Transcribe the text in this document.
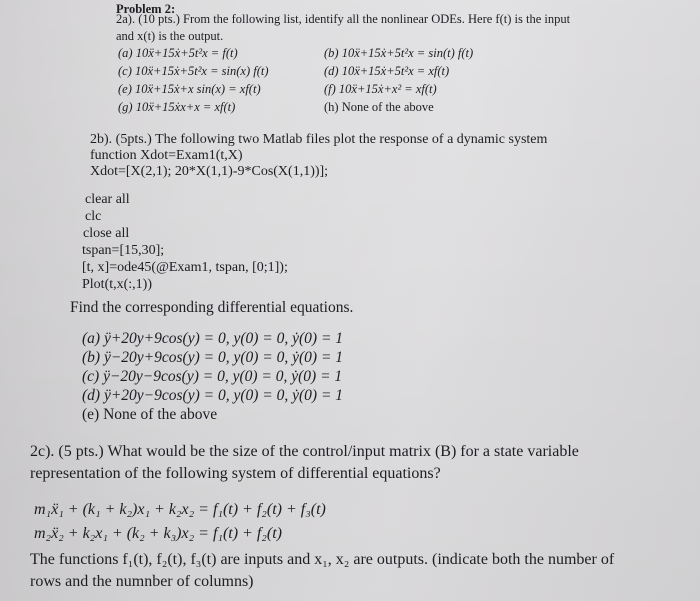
Problem 2:
2a). (10 pts.) From the following list, identify all the nonlinear ODEs. Here f(t) is the input
and x(t) is the output.
(a) 10ẍ+15ẋ+5t²x = f(t)	(b) 10ẍ+15ẋ+5t²x = sin(t) f(t)
(c) 10ẍ+15ẋ+5t²x = sin(x) f(t)	(d) 10ẍ+15ẋ+5t²x = xf(t)
(e) 10ẍ+15ẋ+x sin(x) = xf(t)	(f) 10ẍ+15ẋ+x² = xf(t)
(g) 10ẍ+15ẋx+x = xf(t)	(h) None of the above
2b). (5pts.) The following two Matlab files plot the response of a dynamic system
function Xdot=Exam1(t,X)
Xdot=[X(2,1); 20*X(1,1)-9*Cos(X(1,1))];
clear all
clc
close all
tspan=[15,30];
[t, x]=ode45(@Exam1, tspan, [0;1]);
Plot(t,x(:,1))
Find the corresponding differential equations.
(a) ÿ+20y+9cos(y) = 0, y(0) = 0, ẏ(0) = 1
(b) ÿ−20y+9cos(y) = 0, y(0) = 0, ẏ(0) = 1
(c) ÿ−20y−9cos(y) = 0, y(0) = 0, ẏ(0) = 1
(d) ÿ+20y−9cos(y) = 0, y(0) = 0, ẏ(0) = 1
(e) None of the above
2c). (5 pts.) What would be the size of the control/input matrix (B) for a state variable
representation of the following system of differential equations?
m₁ẍ₁ + (k₁ + k₂)x₁ + k₂x₂ = f₁(t) + f₂(t) + f₃(t)
m₂ẍ₂ + k₂x₁ + (k₂ + k₃)x₂ = f₁(t) + f₂(t)
The functions f₁(t), f₂(t), f₃(t) are inputs and x₁, x₂ are outputs. (indicate both the number of
rows and the numnber of columns)
